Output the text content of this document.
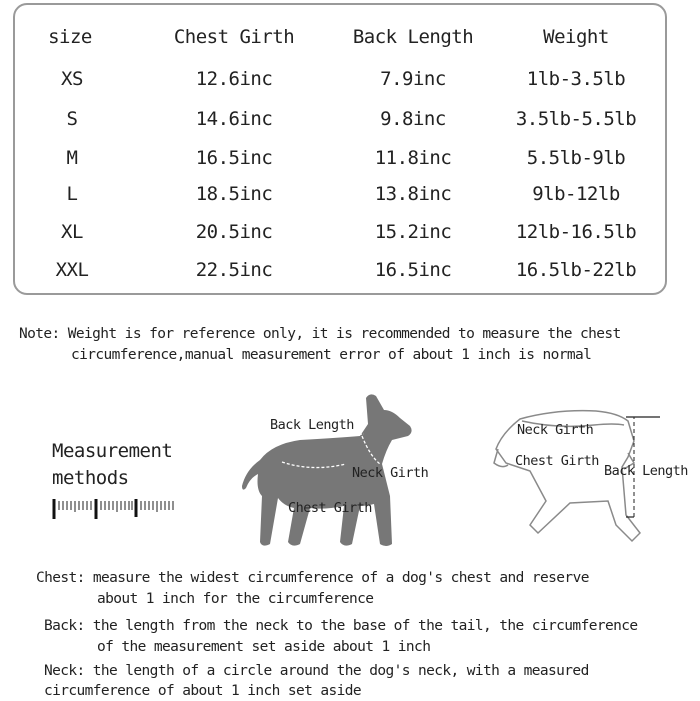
size	Chest Girth	Back Length	Weight
XS	12.6inc	7.9inc	1lb-3.5lb
S	14.6inc	9.8inc	3.5lb-5.5lb
M	16.5inc	11.8inc	5.5lb-9lb
L	18.5inc	13.8inc	9lb-12lb
XL	20.5inc	15.2inc	12lb-16.5lb
XXL	22.5inc	16.5inc	16.5lb-22lb
Note: Weight is for reference only, it is recommended to measure the chest
circumference,manual measurement error of about 1 inch is normal
Measurement
methods
Back Length
Neck Girth
Chest Girth
Neck Girth
Chest Girth
Back Length
Chest: measure the widest circumference of a dog's chest and reserve
about 1 inch for the circumference
Back: the length from the neck to the base of the tail, the circumference
of the measurement set aside about 1 inch
Neck: the length of a circle around the dog's neck, with a measured
circumference of about 1 inch set aside
